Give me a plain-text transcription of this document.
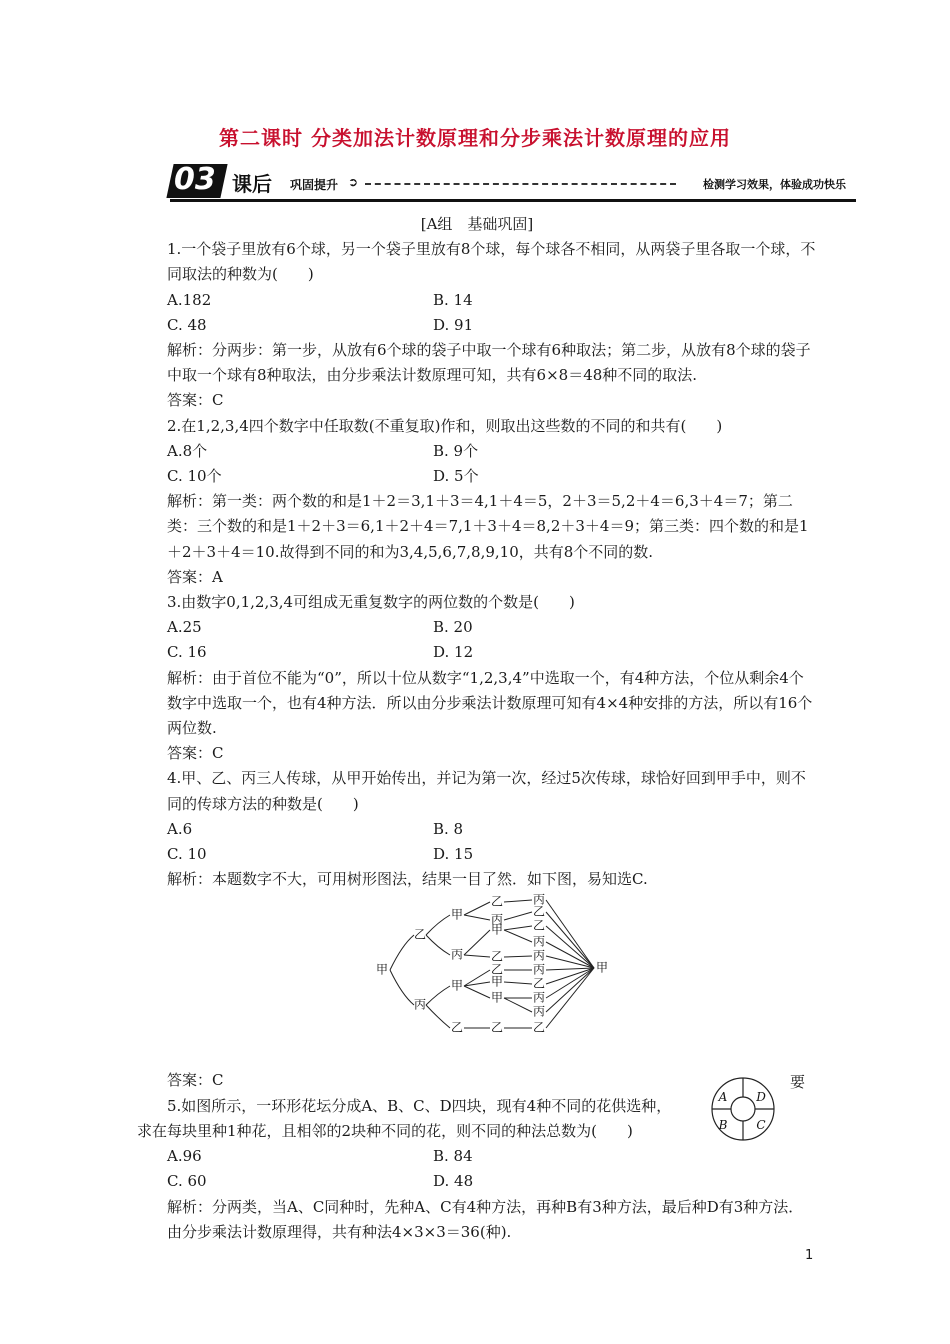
第二课时 分类加法计数原理和分步乘法计数原理的应用
03 课后 巩固提升 ➲	检测学习效果，体验成功快乐

[A组　基础巩固]

1.一个袋子里放有6个球，另一个袋子里放有8个球，每个球各不相同，从两袋子里各取一个球，不同取法的种数为(　　)

A.182	B. 14
C. 48	D. 91

解析：分两步：第一步，从放有6个球的袋子中取一个球有6种取法；第二步，从放有8个球的袋子中取一个球有8种取法，由分步乘法计数原理可知，共有6×8＝48种不同的取法.

答案：C

2.在1,2,3,4四个数字中任取数(不重复取)作和，则取出这些数的不同的和共有(　　)

A.8个	B. 9个
C. 10个	D. 5个

解析：第一类：两个数的和是1＋2＝3,1＋3＝4,1＋4＝5，2＋3＝5,2＋4＝6,3＋4＝7；第二类：三个数的和是1＋2＋3＝6,1＋2＋4＝7,1＋3＋4＝8,2＋3＋4＝9；第三类：四个数的和是1＋2＋3＋4＝10.故得到不同的和为3,4,5,6,7,8,9,10，共有8个不同的数.

答案：A

3.由数字0,1,2,3,4可组成无重复数字的两位数的个数是(　　)

A.25	B. 20
C. 16	D. 12

解析：由于首位不能为“0”，所以十位从数字“1,2,3,4”中选取一个，有4种方法，个位从剩余4个数字中选取一个，也有4种方法．所以由分步乘法计数原理可知有4×4种安排的方法，所以有16个两位数.

答案：C

4.甲、乙、丙三人传球，从甲开始传出，并记为第一次，经过5次传球，球恰好回到甲手中，则不同的传球方法的种数是(　　)

A.6	B. 8
C. 10	D. 15

解析：本题数字不大，可用树形图法，结果一目了然．如下图，易知选C.

答案：C

5.如图所示，一环形花坛分成A、B、C、D四块，现有4种不同的花供选种，

求在每块里种1种花，且相邻的2块种不同的花，则不同的种法总数为(　　)

A.96	B. 84
C. 60	D. 48

解析：分两类，当A、C同种时，先种A、C有4种方法，再种B有3种方法，最后种D有3种方法．由分步乘法计数原理得，共有种法4×3×3＝36(种).

要
甲
乙
丙
甲
丙
甲
乙
乙
丙
甲
乙
乙
甲
甲
乙
丙
乙
乙
丙
丙
丙
乙
丙
丙
乙
甲
A D
B C
1
